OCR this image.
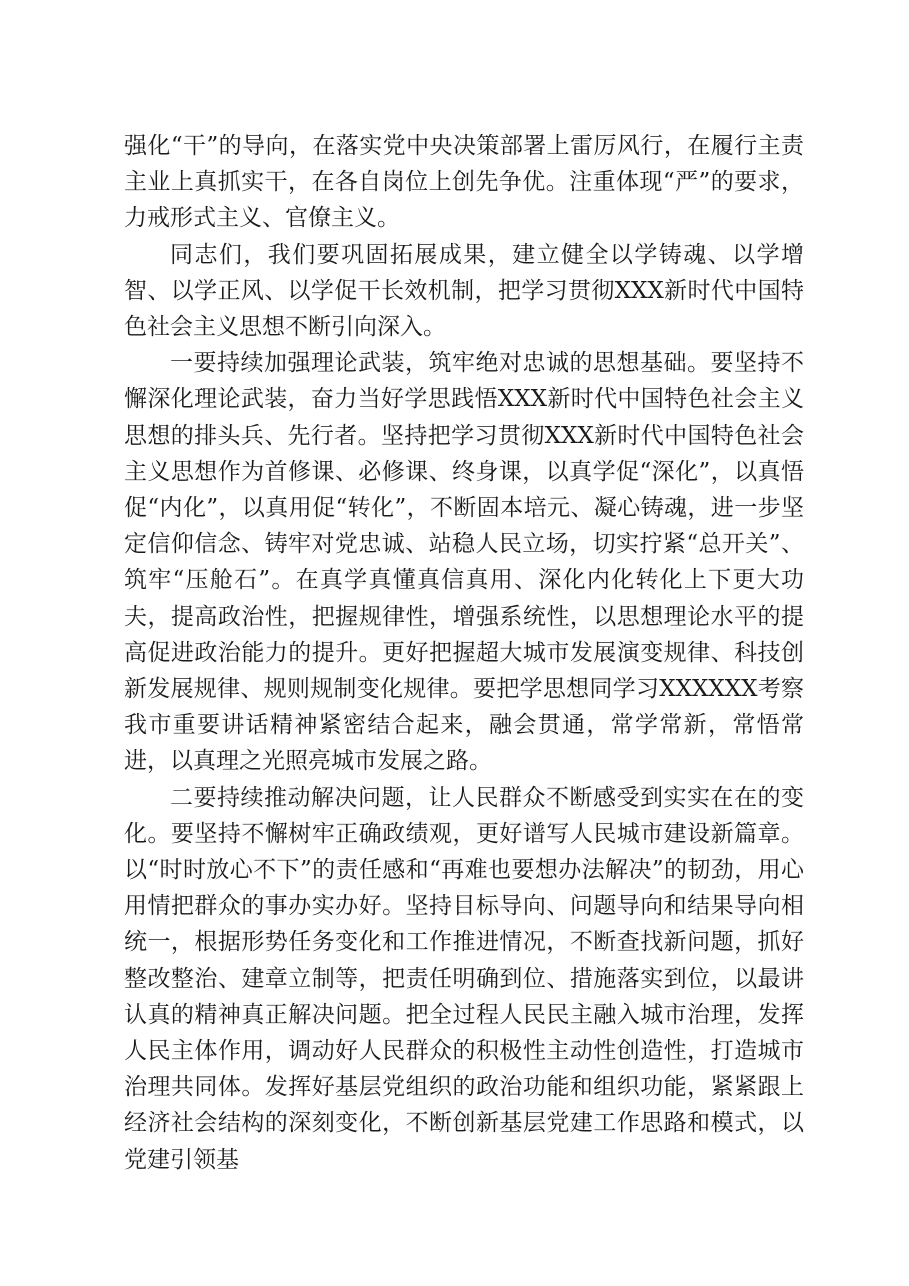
强化“干”的导向，在落实党中央决策部署上雷厉风行，在履行主责主业上真抓实干，在各自岗位上创先争优。注重体现“严”的要求，力戒形式主义、官僚主义。

同志们，我们要巩固拓展成果，建立健全以学铸魂、以学增智、以学正风、以学促干长效机制，把学习贯彻XXX新时代中国特色社会主义思想不断引向深入。

一要持续加强理论武装，筑牢绝对忠诚的思想基础。要坚持不懈深化理论武装，奋力当好学思践悟XXX新时代中国特色社会主义思想的排头兵、先行者。坚持把学习贯彻XXX新时代中国特色社会主义思想作为首修课、必修课、终身课，以真学促“深化”，以真悟促“内化”，以真用促“转化”，不断固本培元、凝心铸魂，进一步坚定信仰信念、铸牢对党忠诚、站稳人民立场，切实拧紧“总开关”、筑牢“压舱石”。在真学真懂真信真用、深化内化转化上下更大功夫，提高政治性，把握规律性，增强系统性，以思想理论水平的提高促进政治能力的提升。更好把握超大城市发展演变规律、科技创新发展规律、规则规制变化规律。要把学思想同学习XXXXXX考察我市重要讲话精神紧密结合起来，融会贯通，常学常新，常悟常进，以真理之光照亮城市发展之路。

二要持续推动解决问题，让人民群众不断感受到实实在在的变化。要坚持不懈树牢正确政绩观，更好谱写人民城市建设新篇章。以“时时放心不下”的责任感和“再难也要想办法解决”的韧劲，用心用情把群众的事办实办好。坚持目标导向、问题导向和结果导向相统一，根据形势任务变化和工作推进情况，不断查找新问题，抓好整改整治、建章立制等，把责任明确到位、措施落实到位，以最讲认真的精神真正解决问题。把全过程人民民主融入城市治理，发挥人民主体作用，调动好人民群众的积极性主动性创造性，打造城市治理共同体。发挥好基层党组织的政治功能和组织功能，紧紧跟上经济社会结构的深刻变化，不断创新基层党建工作思路和模式，以党建引领基
